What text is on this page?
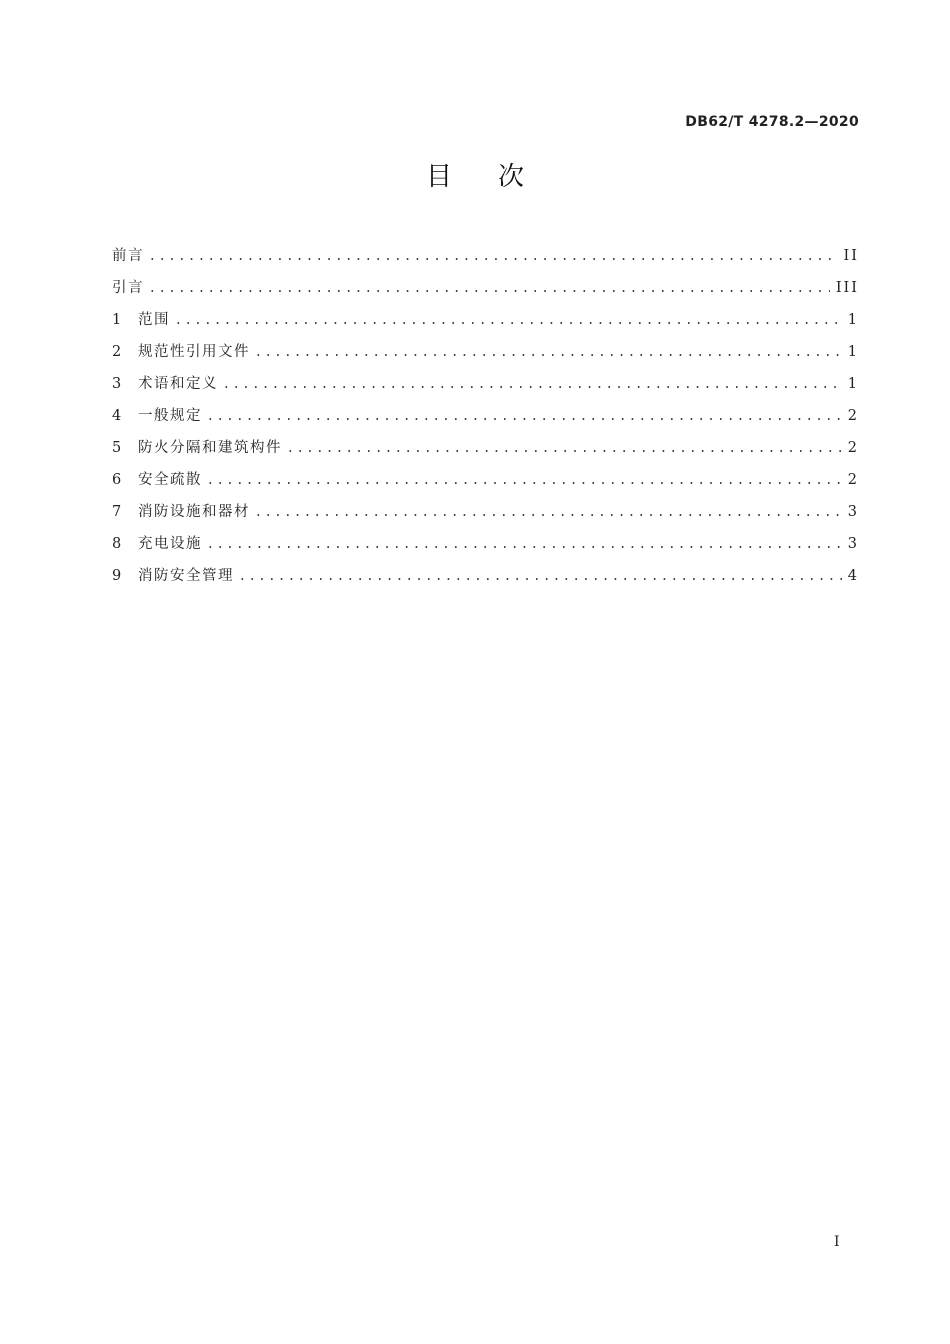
DB62/T 4278.2—2020
目次
前言 . . .	II
引言 . . .	III
1	范围 . . .	1
2	规范性引用文件 . . .	1
3	术语和定义 . . .	1
4	一般规定 . . .	2
5	防火分隔和建筑构件 . . .	2
6	安全疏散 . . .	2
7	消防设施和器材 . . .	3
8	充电设施 . . .	3
9	消防安全管理 . . .	4
I
